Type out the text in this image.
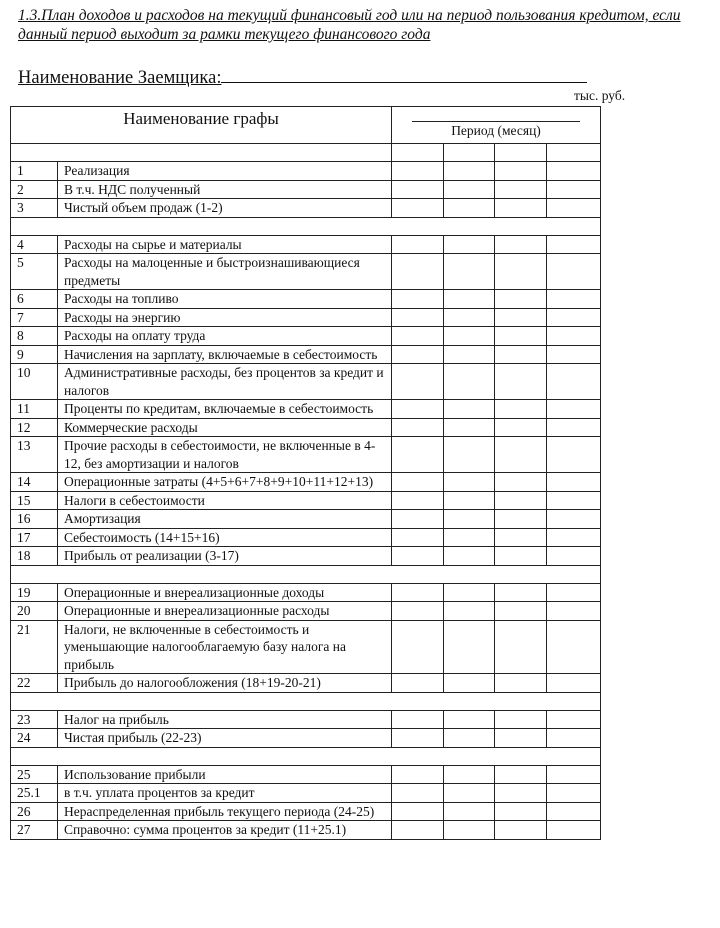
1.3.План доходов и расходов на текущий финансовый год или на период пользования кредитом, если данный период выходит за рамки текущего финансового года
Наименование Заемщика:
тыс. руб.
Наименование графы		Период (месяц)			

1	Реализация				
2	В т.ч. НДС полученный				
3	Чистый объем продаж (1-2)				

4	Расходы на сырье и материалы				
5	Расходы на малоценные и быстроизнашивающиеся предметы				
6	Расходы на топливо				
7	Расходы на энергию				
8	Расходы на оплату труда				
9	Начисления на зарплату, включаемые в себестоимость				
10	Административные расходы, без процентов за кредит и налогов				
11	Проценты по кредитам, включаемые в себестоимость				
12	Коммерческие расходы				
13	Прочие расходы в себестоимости, не включенные в 4-12, без амортизации и налогов				
14	Операционные затраты (4+5+6+7+8+9+10+11+12+13)				
15	Налоги в себестоимости				
16	Амортизация				
17	Себестоимость (14+15+16)				
18	Прибыль от реализации (3-17)				

19	Операционные и внереализационные доходы				
20	Операционные и внереализационные расходы				
21	Налоги, не включенные в себестоимость и уменьшающие налогооблагаемую базу налога на прибыль				
22	Прибыль до налогообложения (18+19-20-21)				

23	Налог на прибыль				
24	Чистая прибыль (22-23)				

25	Использование прибыли				
25.1	в т.ч. уплата процентов за кредит				
26	Нераспределенная прибыль текущего периода (24-25)				
27	Справочно: сумма процентов за кредит (11+25.1)				
